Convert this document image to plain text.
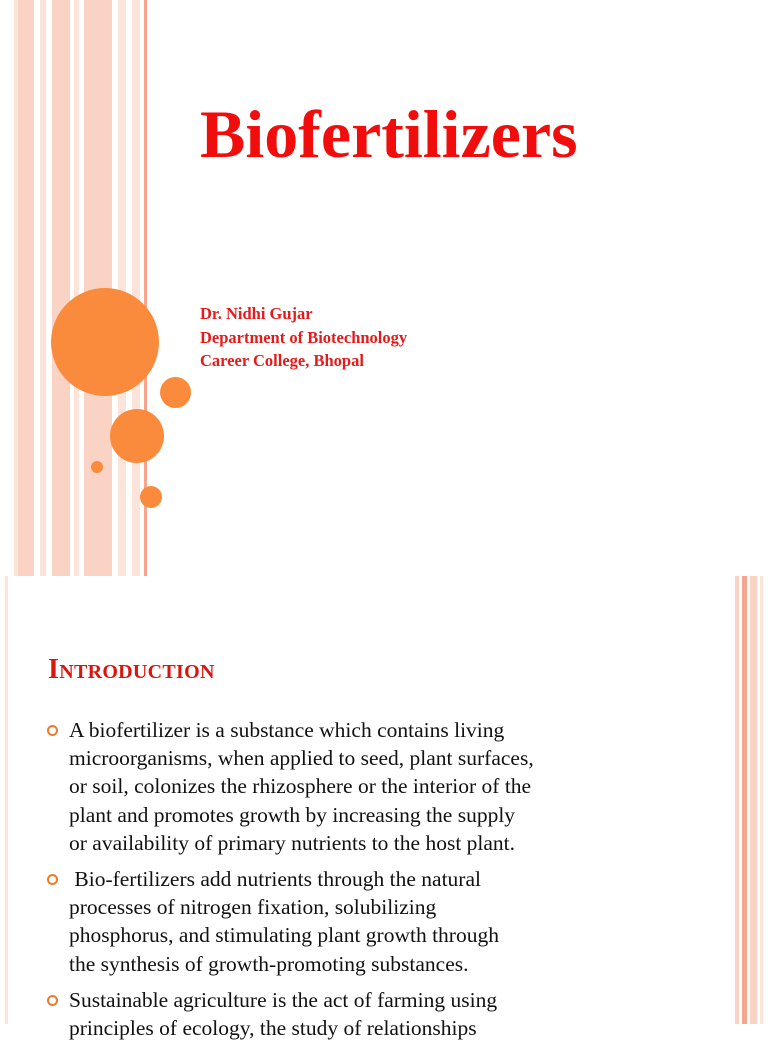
Biofertilizers
Dr. Nidhi Gujar
Department of Biotechnology
Career College, Bhopal
Introduction
A biofertilizer is a substance which contains living
microorganisms, when applied to seed, plant surfaces,
or soil, colonizes the rhizosphere or the interior of the
plant and promotes growth by increasing the supply
or availability of primary nutrients to the host plant.
Bio-fertilizers add nutrients through the natural
processes of nitrogen fixation, solubilizing
phosphorus, and stimulating plant growth through
the synthesis of growth-promoting substances.
Sustainable agriculture is the act of farming using
principles of ecology, the study of relationships
